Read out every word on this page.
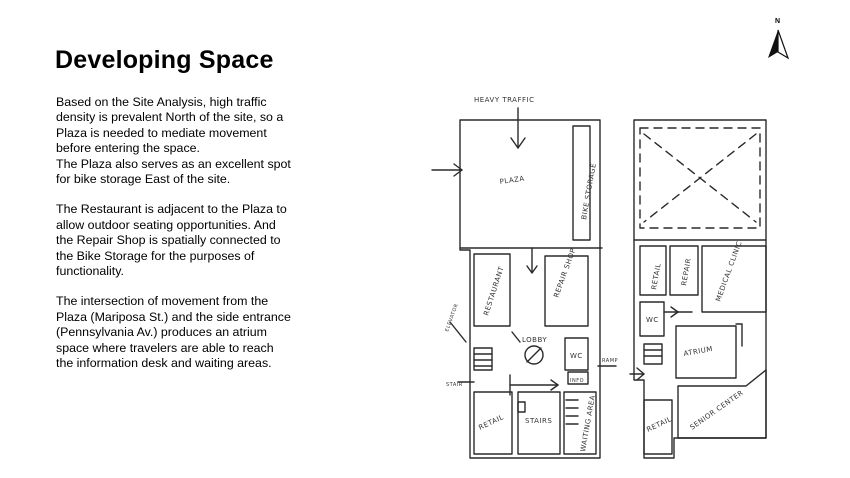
Developing Space

Based on the Site Analysis, high traffic density is prevalent North of the site, so a Plaza is needed to mediate movement before entering the space.
The Plaza also serves as an excellent spot for bike storage East of the site.

The Restaurant is adjacent to the Plaza to allow outdoor seating opportunities. And the Repair Shop is spatially connected to the Bike Storage for the purposes of functionality.

The intersection of movement from the Plaza (Mariposa St.) and the side entrance (Pennsylvania Av.) produces an atrium space where travelers are able to reach the information desk and waiting areas.

N
HEAVY TRAFFIC
PLAZA	BIKE STORAGE
RESTAURANT	REPAIR SHOP
LOBBY
WC
RETAIL	STAIRS	WAITING AREA
RETAIL REPAIR	MEDICAL CLINIC
WC
ATRIUM
SENIOR CENTER
RETAIL
ELEVATOR
STAIR
INFO
RAMP
